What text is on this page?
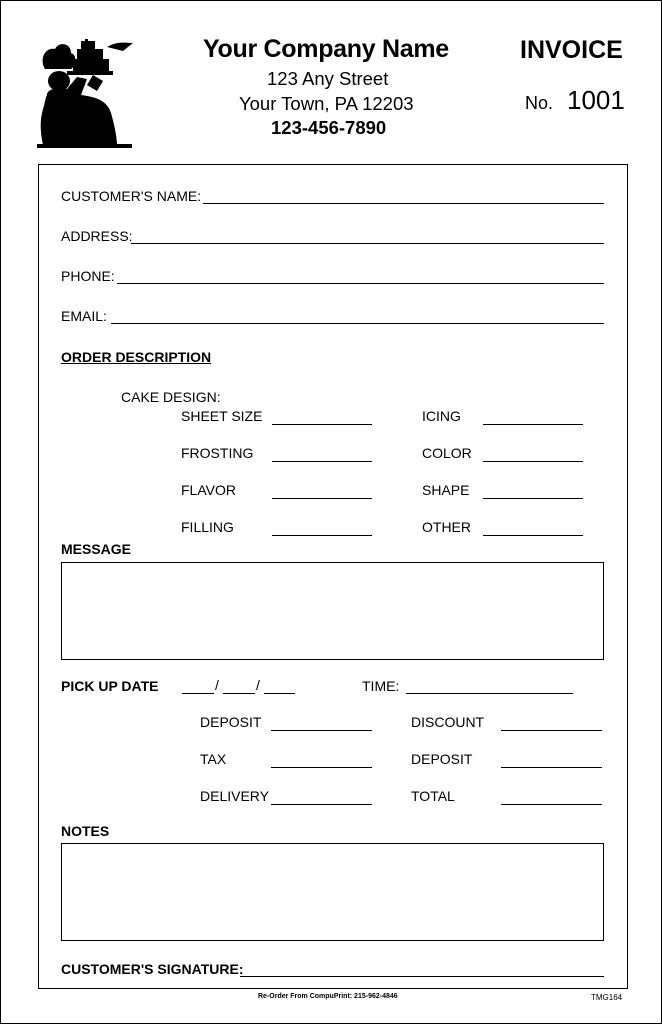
Your Company Name
123 Any Street
Your Town, PA 12203
123-456-7890
INVOICE
No. 1001
CUSTOMER'S NAME:
ADDRESS:
PHONE:
EMAIL:
ORDER DESCRIPTION
CAKE DESIGN:
SHEET SIZE	ICING
FROSTING	COLOR
FLAVOR	SHAPE
FILLING	OTHER
MESSAGE
PICK UP DATE	/	/	TIME:
DEPOSIT	DISCOUNT
TAX	DEPOSIT
DELIVERY	TOTAL
NOTES
CUSTOMER'S SIGNATURE:
Re-Order From CompuPrint: 215-962-4846	TMG164
